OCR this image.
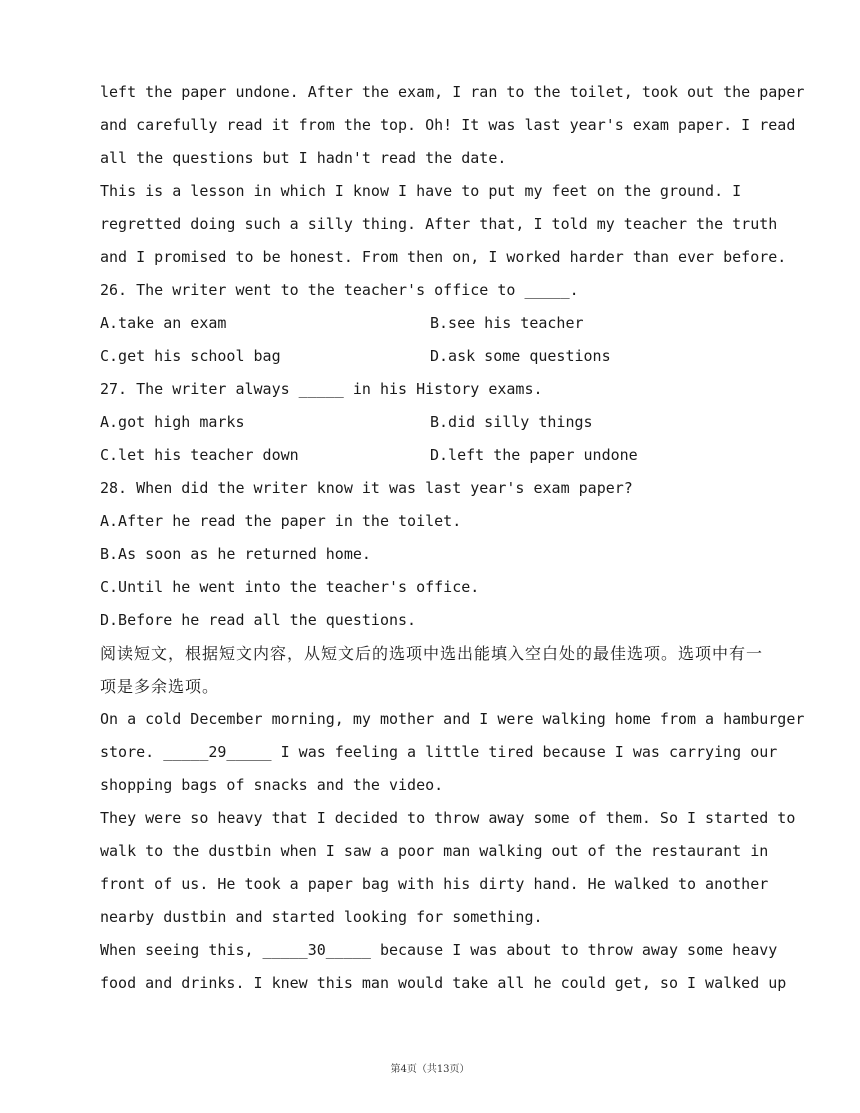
left the paper undone. After the exam, I ran to the toilet, took out the paper
and carefully read it from the top. Oh! It was last year's exam paper. I read
all the questions but I hadn't read the date.
This is a lesson in which I know I have to put my feet on the ground. I
regretted doing such a silly thing. After that, I told my teacher the truth
and I promised to be honest. From then on, I worked harder than ever before.
26. The writer went to the teacher's office to _____.
A.take an exam	B.see his teacher
C.get his school bag	D.ask some questions
27. The writer always _____ in his History exams.
A.got high marks	B.did silly things
C.let his teacher down	D.left the paper undone
28. When did the writer know it was last year's exam paper?
A.After he read the paper in the toilet.
B.As soon as he returned home.
C.Until he went into the teacher's office.
D.Before he read all the questions.
阅读短文，根据短文内容，从短文后的选项中选出能填入空白处的最佳选项。选项中有一
项是多余选项。
On a cold December morning, my mother and I were walking home from a hamburger
store. _____29_____ I was feeling a little tired because I was carrying our
shopping bags of snacks and the video.
They were so heavy that I decided to throw away some of them. So I started to
walk to the dustbin when I saw a poor man walking out of the restaurant in
front of us. He took a paper bag with his dirty hand. He walked to another
nearby dustbin and started looking for something.
When seeing this, _____30_____ because I was about to throw away some heavy
food and drinks. I knew this man would take all he could get, so I walked up
第4页（共13页）
